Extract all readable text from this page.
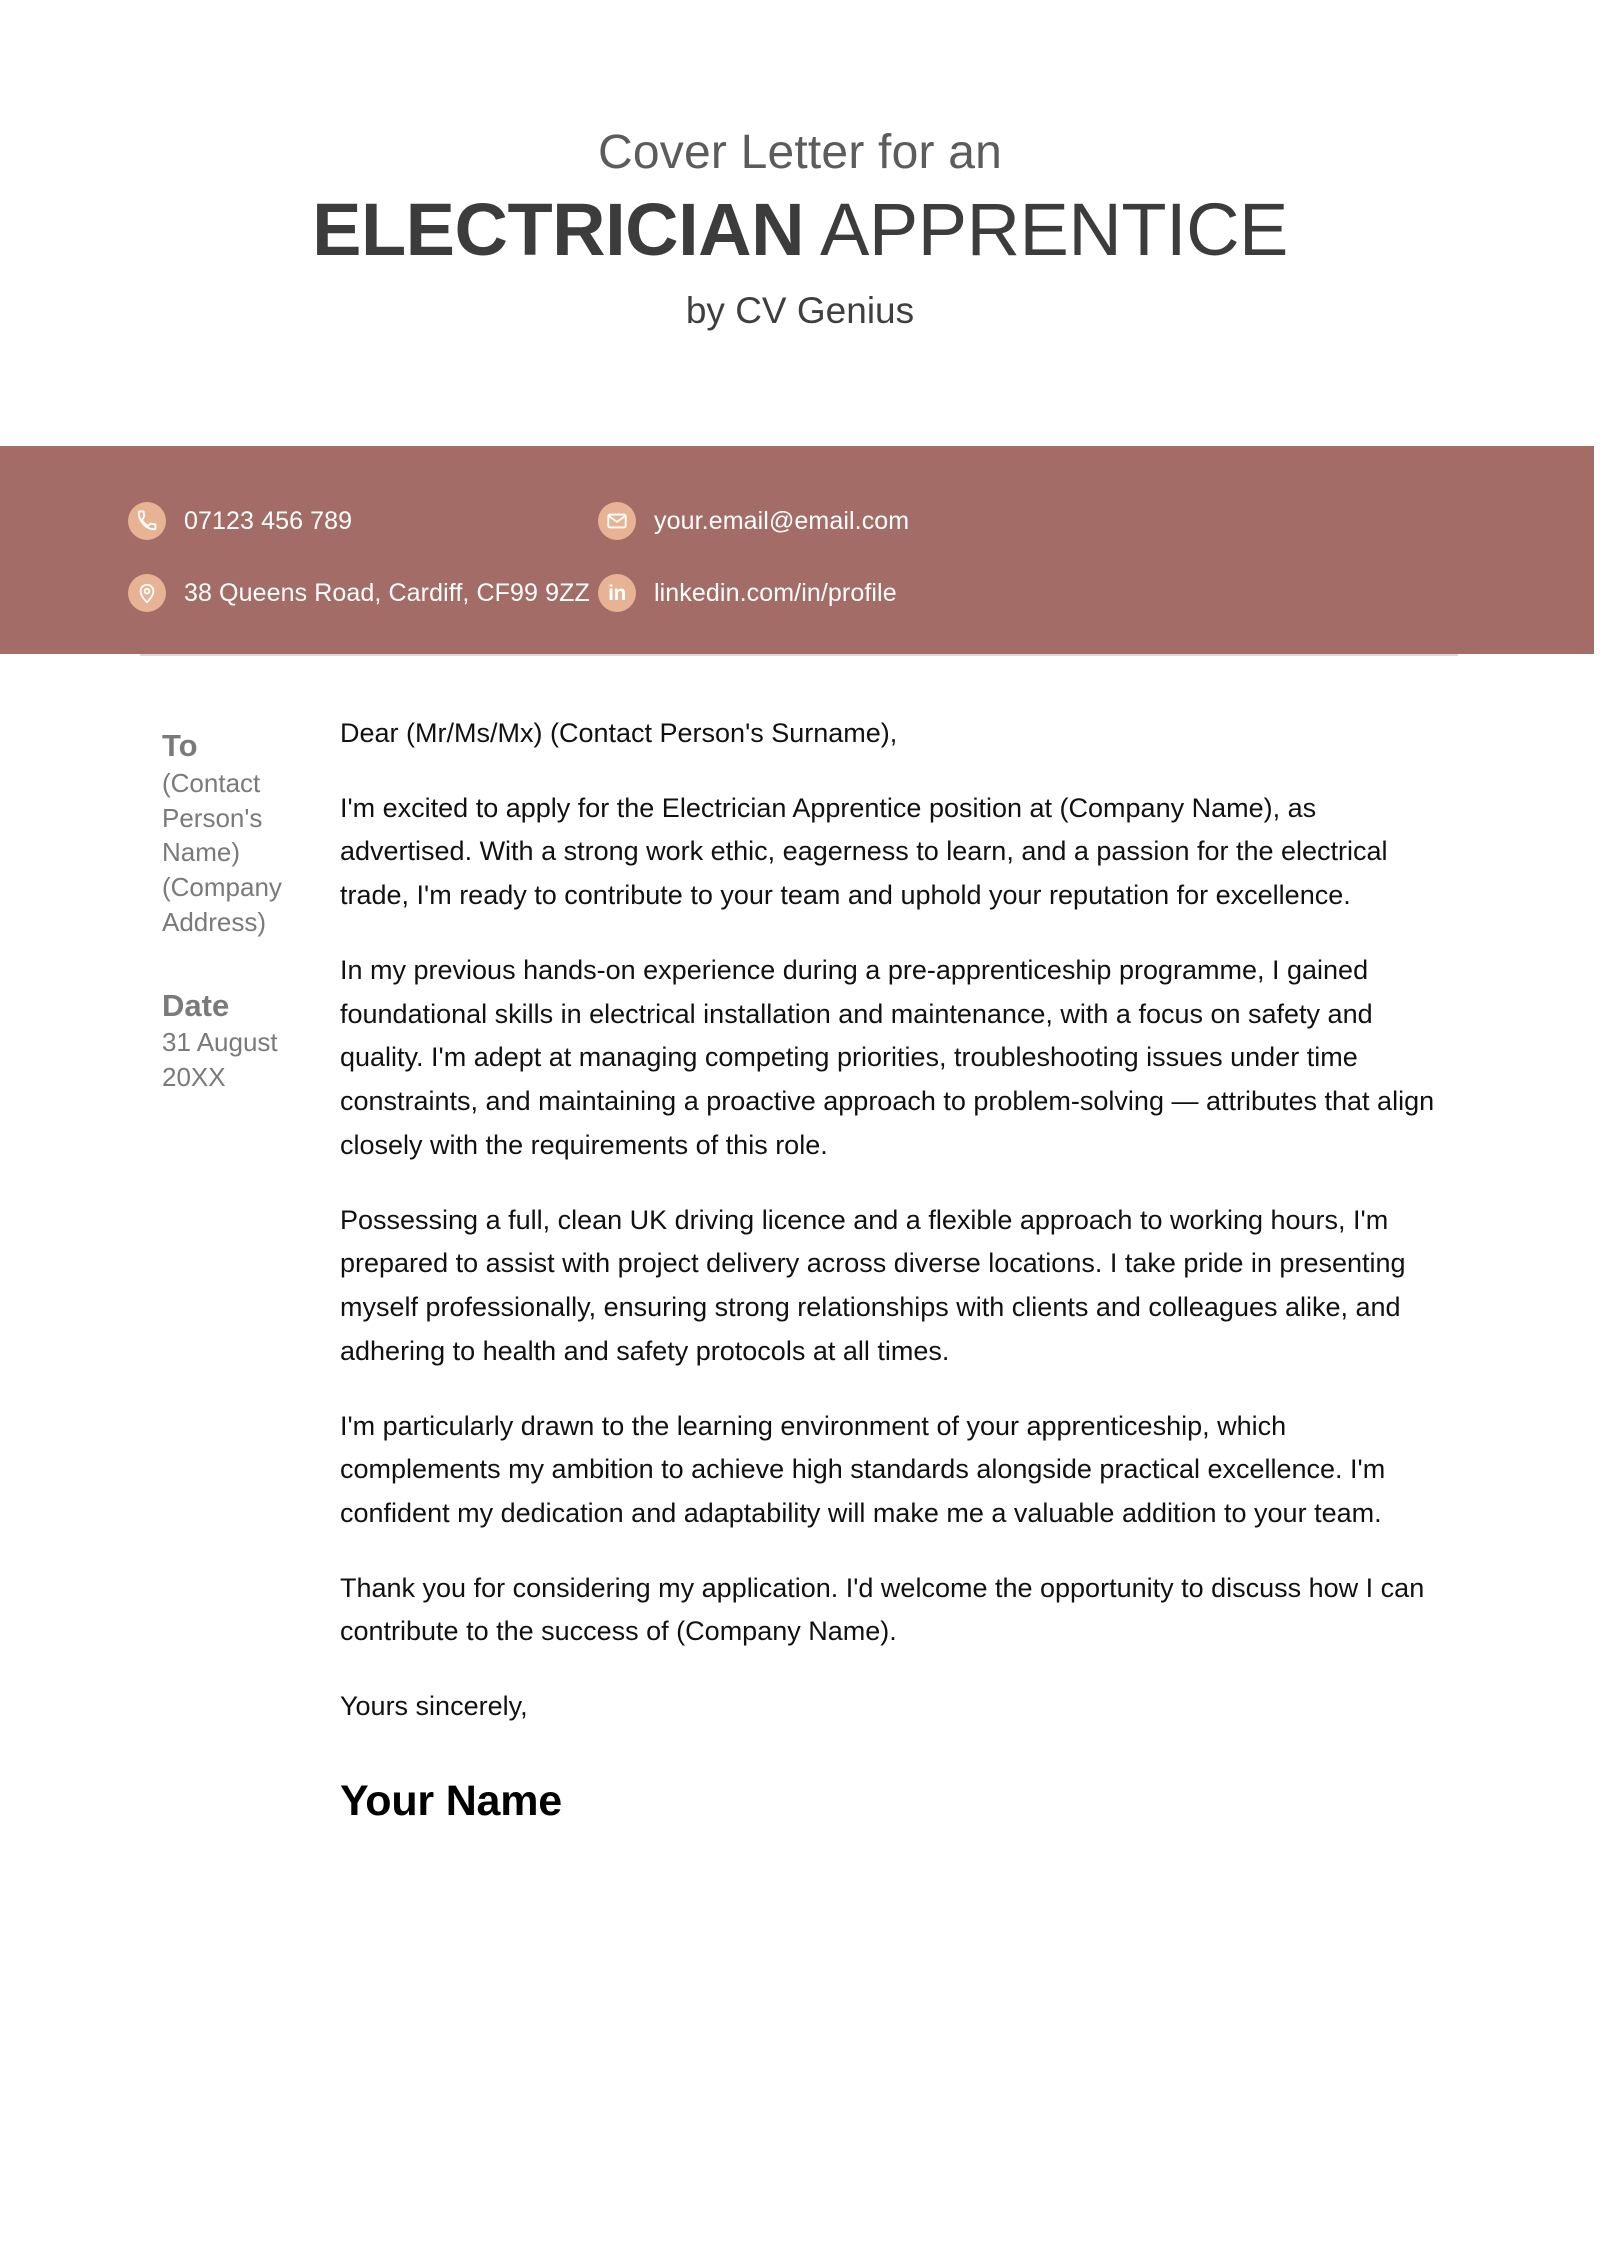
Cover Letter for an
ELECTRICIAN APPRENTICE
by CV Genius
07123 456 789	your.email@email.com
38 Queens Road, Cardiff, CF99 9ZZ in linkedin.com/in/profile
To
(Contact Person's Name)
(Company Address)
Date
31 August 20XX

Dear (Mr/Ms/Mx) (Contact Person's Surname),

I'm excited to apply for the Electrician Apprentice position at (Company Name), as advertised. With a strong work ethic, eagerness to learn, and a passion for the electrical trade, I'm ready to contribute to your team and uphold your reputation for excellence.

In my previous hands-on experience during a pre-apprenticeship programme, I gained foundational skills in electrical installation and maintenance, with a focus on safety and quality. I'm adept at managing competing priorities, troubleshooting issues under time constraints, and maintaining a proactive approach to problem-solving — attributes that align closely with the requirements of this role.

Possessing a full, clean UK driving licence and a flexible approach to working hours, I'm prepared to assist with project delivery across diverse locations. I take pride in presenting myself professionally, ensuring strong relationships with clients and colleagues alike, and adhering to health and safety protocols at all times.

I'm particularly drawn to the learning environment of your apprenticeship, which complements my ambition to achieve high standards alongside practical excellence. I'm confident my dedication and adaptability will make me a valuable addition to your team.

Thank you for considering my application. I'd welcome the opportunity to discuss how I can contribute to the success of (Company Name).

Yours sincerely,

Your Name
